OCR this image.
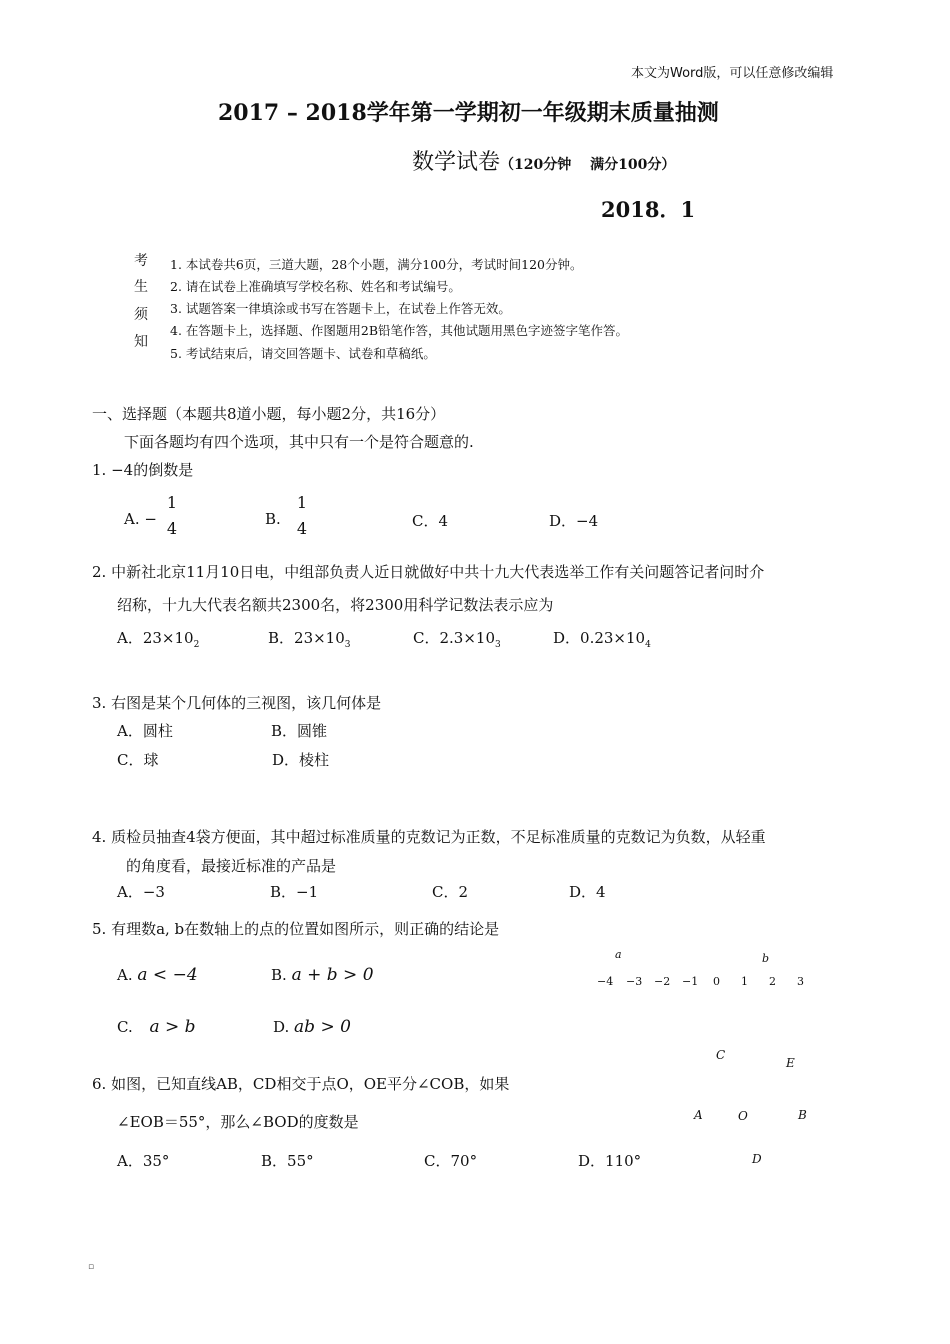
本文为Word版，可以任意修改编辑
2017 – 2018学年第一学期初一年级期末质量抽测
数学试卷（120分钟　 满分100分）
2018．1
考
生
须
知
1. 本试卷共6页，三道大题，28个小题，满分100分，考试时间120分钟。
2. 请在试卷上准确填写学校名称、姓名和考试编号。
3. 试题答案一律填涂或书写在答题卡上，在试卷上作答无效。
4. 在答题卡上，选择题、作图题用2B铅笔作答，其他试题用黑色字迹签字笔作答。
5. 考试结束后，请交回答题卡、试卷和草稿纸。
一、选择题（本题共8道小题，每小题2分，共16分）
下面各题均有四个选项，其中只有一个是符合题意的.
1. −4的倒数是
A. −
1
4	B.
1
4	C．4	D．−4
2. 中新社北京11月10日电，中组部负责人近日就做好中共十九大代表选举工作有关问题答记者问时介
绍称，十九大代表名额共2300名，将2300用科学记数法表示应为
A．$23\times 10_2$	B．$23\times 10_3$	C．$2.3\times 10_3$	D．$0.23\times 10_4$
3. 右图是某个几何体的三视图，该几何体是
A．圆柱	B．圆锥
C．球	D．棱柱
4. 质检员抽查4袋方便面，其中超过标准质量的克数记为正数，不足标准质量的克数记为负数，从轻重
的角度看，最接近标准的产品是
A．−3	B．−1	C．2	D．4
5. 有理数a, b在数轴上的点的位置如图所示，则正确的结论是
A. a < −4	B. a + b > 0
C. a > b	D. ab > 0
a	b
−4 −3 −2 −1 0 1 2 3
6. 如图，已知直线AB，CD相交于点O，OE平分∠COB，如果
∠EOB＝55°，那么∠BOD的度数是
A．35°	B．55°	C．70°	D．110°
C
E
A	O	B
D
▫
